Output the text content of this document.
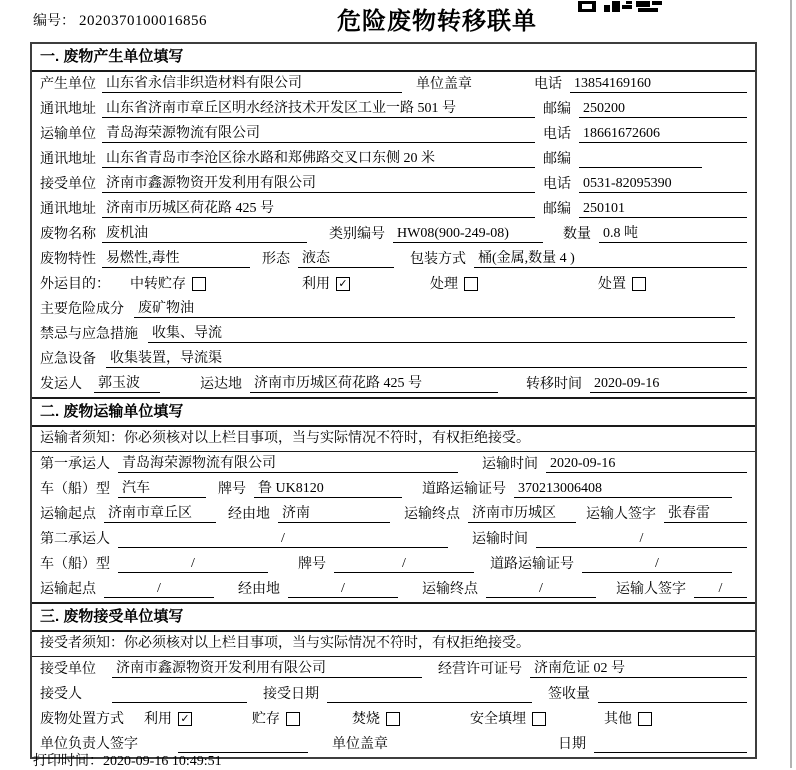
编号： 2020370100016856	危险废物转移联单
一. 废物产生单位填写
产生单位 山东省永信非织造材料有限公司	单位盖章	电话 13854169160
通讯地址 山东省济南市章丘区明水经济技术开发区工业一路 501 号	邮编 250200
运输单位 青岛海荣源物流有限公司	电话 18661672606
通讯地址 山东省青岛市李沧区徐水路和郑佛路交叉口东侧 20 米	邮编
接受单位 济南市鑫源物资开发利用有限公司	电话 0531-82095390
通讯地址 济南市历城区荷花路 425 号	邮编 250101
废物名称 废机油	类别编号 HW08(900-249-08)	数量 0.8 吨
废物特性 易燃性,毒性	形态 液态	包装方式 桶(金属,数量 4 )
外运目的：	中转贮存	利用 ✓	处理	处置
主要危险成分 废矿物油
禁忌与应急措施 收集、导流
应急设备 收集装置，导流渠
发运人 郭玉波	运达地 济南市历城区荷花路 425 号	转移时间 2020-09-16
二. 废物运输单位填写
运输者须知：你必须核对以上栏目事项，当与实际情况不符时，有权拒绝接受。
第一承运人 青岛海荣源物流有限公司	运输时间 2020-09-16
车（船）型 汽车	牌号 鲁 UK8120	道路运输证号 370213006408
运输起点 济南市章丘区	经由地 济南	运输终点 济南市历城区	运输人签字 张春雷
第二承运人	/	运输时间	/
车（船）型	/	牌号	/	道路运输证号	/
运输起点	/	经由地	/	运输终点	/	运输人签字	/
三. 废物接受单位填写
接受者须知：你必须核对以上栏目事项，当与实际情况不符时，有权拒绝接受。
接受单位 济南市鑫源物资开发利用有限公司	经营许可证号 济南危证 02 号
接受人	接受日期	签收量
废物处置方式 利用 ✓	贮存	焚烧	安全填埋	其他
单位负责人签字	单位盖章	日期
打印时间：2020-09-16 10:49:51
